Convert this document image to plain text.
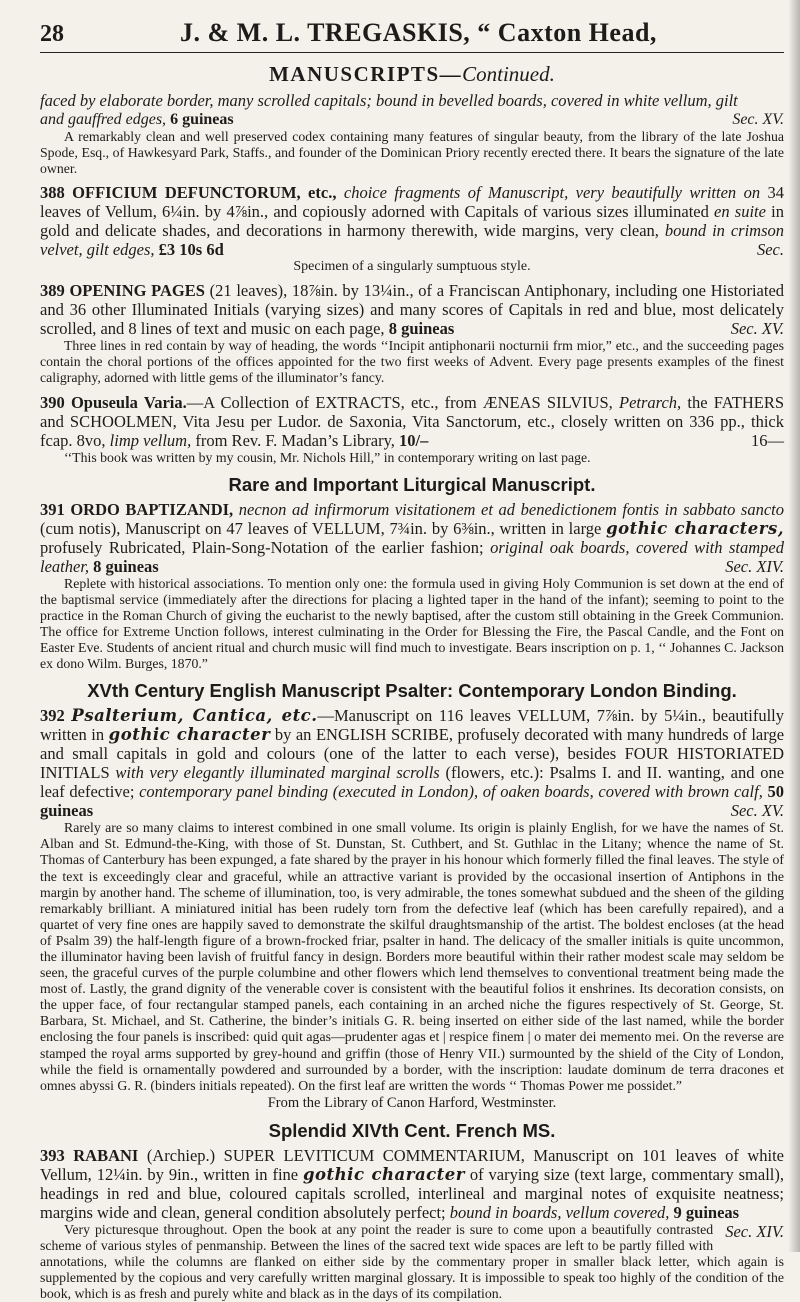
28	J. & M. L. TREGASKIS, “ Caxton Head,
MANUSCRIPTS—Continued.

faced by elaborate border, many scrolled capitals; bound in bevelled boards, covered in white vellum, gilt

and gauffred edges, 6 guineas	Sec. XV.

A remarkably clean and well preserved codex containing many features of singular beauty, from the library of the late Joshua Spode, Esq., of Hawkesyard Park, Staffs., and founder of the Dominican Priory recently erected there. It bears the signature of the late owner.

388 OFFICIUM DEFUNCTORUM, etc., choice fragments of Manuscript, very beautifully written on 34 leaves of Vellum, 6¼in. by 4⅞in., and copiously adorned with Capitals of various sizes illuminated en suite in gold and delicate shades, and decorations in harmony therewith, wide margins, very clean, bound in crimson velvet, gilt edges, £3 10s 6d	Sec.

Specimen of a singularly sumptuous style.

389 OPENING PAGES (21 leaves), 18⅞in. by 13¼in., of a Franciscan Antiphonary, including one Historiated and 36 other Illuminated Initials (varying sizes) and many scores of Capitals in red and blue, most delicately scrolled, and 8 lines of text and music on each page, 8 guineas	Sec. XV.

Three lines in red contain by way of heading, the words ‘‘Incipit antiphonarii nocturnii frm mior,” etc., and the succeeding pages contain the choral portions of the offices appointed for the two first weeks of Advent. Every page presents examples of the finest caligraphy, adorned with little gems of the illuminator’s fancy.

390 Opuseula Varia.—A Collection of EXTRACTS, etc., from ÆNEAS SILVIUS, Petrarch, the FATHERS and SCHOOLMEN, Vita Jesu per Ludor. de Saxonia, Vita Sanctorum, etc., closely written on 336 pp., thick fcap. 8vo, limp vellum, from Rev. F. Madan’s Library, 10/–	16—

‘‘This book was written by my cousin, Mr. Nichols Hill,” in contemporary writing on last page.

Rare and Important Liturgical Manuscript.

391 ORDO BAPTIZANDI, necnon ad infirmorum visitationem et ad benedictionem fontis in sabbato sancto (cum notis), Manuscript on 47 leaves of VELLUM, 7¾in. by 6⅜in., written in large gothic characters, profusely Rubricated, Plain-Song-Notation of the earlier fashion; original oak boards, covered with stamped leather, 8 guineas	Sec. XIV.

Replete with historical associations. To mention only one: the formula used in giving Holy Communion is set down at the end of the baptismal service (immediately after the directions for placing a lighted taper in the hand of the infant); seeming to point to the practice in the Roman Church of giving the eucharist to the newly baptised, after the custom still obtaining in the Greek Communion. The office for Extreme Unction follows, interest culminating in the Order for Blessing the Fire, the Pascal Candle, and the Font on Easter Eve. Students of ancient ritual and church music will find much to investigate. Bears inscription on p. 1, ‘‘ Johannes C. Jackson ex dono Wilm. Burges, 1870.”

XVth Century English Manuscript Psalter: Contemporary London Binding.

392 Psalterium, Cantica, etc.—Manuscript on 116 leaves VELLUM, 7⅞in. by 5¼in., beautifully written in gothic character by an ENGLISH SCRIBE, profusely decorated with many hundreds of large and small capitals in gold and colours (one of the latter to each verse), besides FOUR HISTORIATED INITIALS with very elegantly illuminated marginal scrolls (flowers, etc.): Psalms I. and II. wanting, and one leaf defective; contemporary panel binding (executed in London), of oaken boards, covered with brown calf, 50 guineas	Sec. XV.

Rarely are so many claims to interest combined in one small volume. Its origin is plainly English, for we have the names of St. Alban and St. Edmund-the-King, with those of St. Dunstan, St. Cuthbert, and St. Guthlac in the Litany; whence the name of St. Thomas of Canterbury has been expunged, a fate shared by the prayer in his honour which formerly filled the final leaves. The style of the text is exceedingly clear and graceful, while an attractive variant is provided by the occasional insertion of Antiphons in the margin by another hand. The scheme of illumination, too, is very admirable, the tones somewhat subdued and the sheen of the gilding remarkably brilliant. A miniatured initial has been rudely torn from the defective leaf (which has been carefully repaired), and a quartet of very fine ones are happily saved to demonstrate the skilful draughtsmanship of the artist. The boldest encloses (at the head of Psalm 39) the half-length figure of a brown-frocked friar, psalter in hand. The delicacy of the smaller initials is quite uncommon, the illuminator having been lavish of fruitful fancy in design. Borders more beautiful within their rather modest scale may seldom be seen, the graceful curves of the purple columbine and other flowers which lend themselves to conventional treatment being made the most of. Lastly, the grand dignity of the venerable cover is consistent with the beautiful folios it enshrines. Its decoration consists, on the upper face, of four rectangular stamped panels, each containing in an arched niche the figures respectively of St. George, St. Barbara, St. Michael, and St. Catherine, the binder’s initials G. R. being inserted on either side of the last named, while the border enclosing the four panels is inscribed: quid quit agas—prudenter agas et | respice finem | o mater dei memento mei. On the reverse are stamped the royal arms supported by grey-hound and griffin (those of Henry VII.) surmounted by the shield of the City of London, while the field is ornamentally powdered and surrounded by a border, with the inscription: laudate dominum de terra dracones et omnes abyssi G. R. (binders initials repeated). On the first leaf are written the words ‘‘ Thomas Power me possidet.”

From the Library of Canon Harford, Westminster.
Splendid XIVth Cent. French MS.

393 RABANI (Archiep.) SUPER LEVITICUM COMMENTARIUM, Manuscript on 101 leaves of white Vellum, 12¼in. by 9in., written in fine gothic character of varying size (text large, commentary small), headings in red and blue, coloured capitals scrolled, interlineal and marginal notes of exquisite neatness; margins wide and clean, general condition absolutely perfect; bound in boards, vellum covered, 9 guineas
Sec. XIV.

Very picturesque throughout. Open the book at any point the reader is sure to come upon a beautifully contrasted scheme of various styles of penmanship. Between the lines of the sacred text wide spaces are left to be partly filled with annotations, while the columns are flanked on either side by the commentary proper in smaller black letter, which again is supplemented by the copious and very carefully written marginal glossary. It is impossible to speak too highly of the condition of the book, which is as fresh and purely white and black as in the days of its compilation.
